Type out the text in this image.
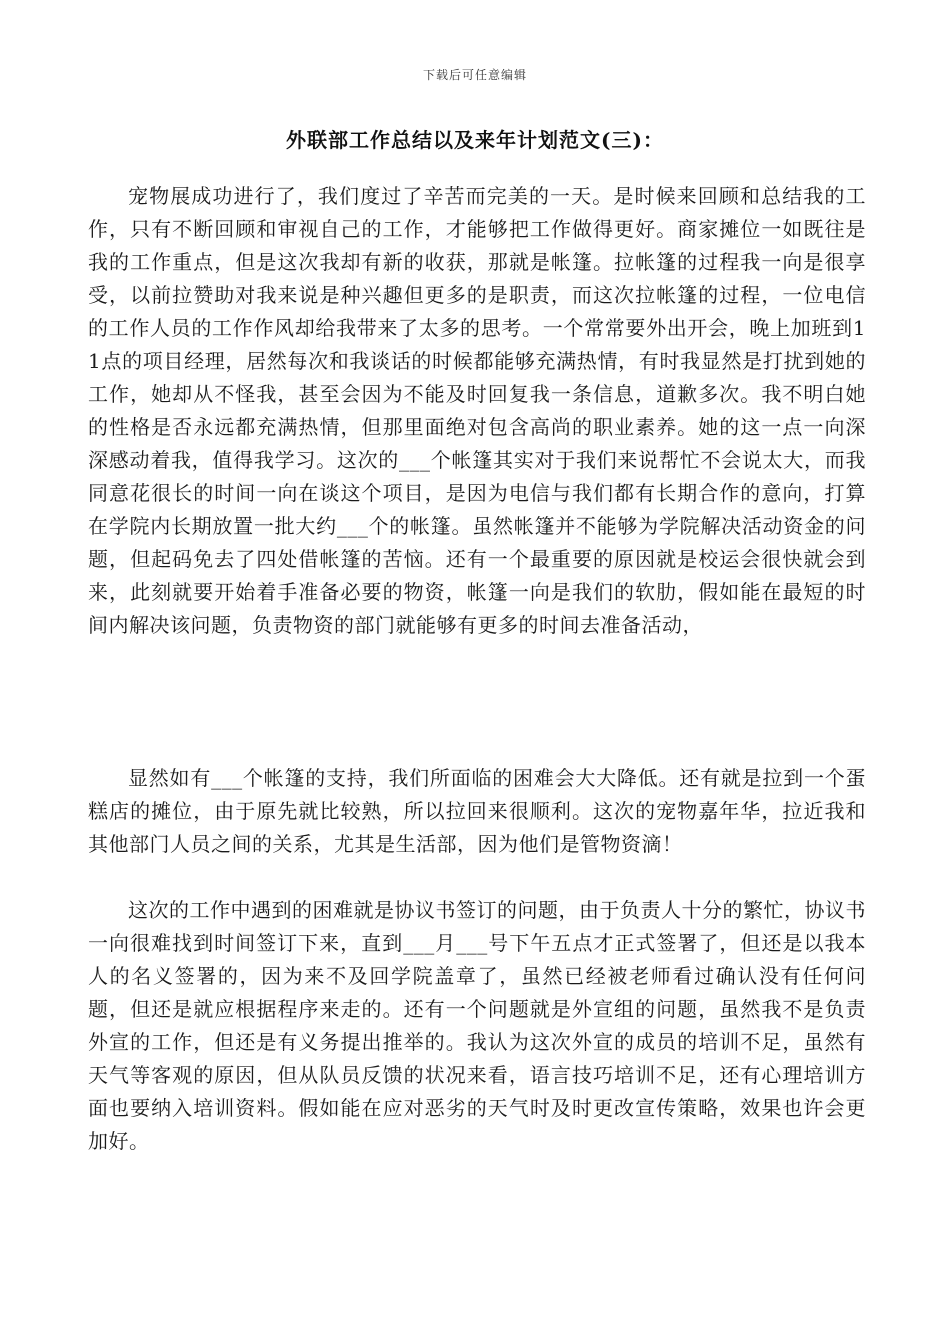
下载后可任意编辑
外联部工作总结以及来年计划范文(三)：

宠物展成功进行了，我们度过了辛苦而完美的一天。是时候来回顾和总结我的工作，只有不断回顾和审视自己的工作，才能够把工作做得更好。商家摊位一如既往是我的工作重点，但是这次我却有新的收获，那就是帐篷。拉帐篷的过程我一向是很享受，以前拉赞助对我来说是种兴趣但更多的是职责，而这次拉帐篷的过程，一位电信的工作人员的工作作风却给我带来了太多的思考。一个常常要外出开会，晚上加班到11点的项目经理，居然每次和我谈话的时候都能够充满热情，有时我显然是打扰到她的工作，她却从不怪我，甚至会因为不能及时回复我一条信息，道歉多次。我不明白她的性格是否永远都充满热情，但那里面绝对包含高尚的职业素养。她的这一点一向深深感动着我，值得我学习。这次的___个帐篷其实对于我们来说帮忙不会说太大，而我同意花很长的时间一向在谈这个项目，是因为电信与我们都有长期合作的意向，打算在学院内长期放置一批大约___个的帐篷。虽然帐篷并不能够为学院解决活动资金的问题，但起码免去了四处借帐篷的苦恼。还有一个最重要的原因就是校运会很快就会到来，此刻就要开始着手准备必要的物资，帐篷一向是我们的软肋，假如能在最短的时间内解决该问题，负责物资的部门就能够有更多的时间去准备活动，

显然如有___个帐篷的支持，我们所面临的困难会大大降低。还有就是拉到一个蛋糕店的摊位，由于原先就比较熟，所以拉回来很顺利。这次的宠物嘉年华，拉近我和其他部门人员之间的关系，尤其是生活部，因为他们是管物资滴！

这次的工作中遇到的困难就是协议书签订的问题，由于负责人十分的繁忙，协议书一向很难找到时间签订下来，直到___月___号下午五点才正式签署了，但还是以我本人的名义签署的，因为来不及回学院盖章了，虽然已经被老师看过确认没有任何问题，但还是就应根据程序来走的。还有一个问题就是外宣组的问题，虽然我不是负责外宣的工作，但还是有义务提出推举的。我认为这次外宣的成员的培训不足，虽然有天气等客观的原因，但从队员反馈的状况来看，语言技巧培训不足，还有心理培训方面也要纳入培训资料。假如能在应对恶劣的天气时及时更改宣传策略，效果也许会更加好。
